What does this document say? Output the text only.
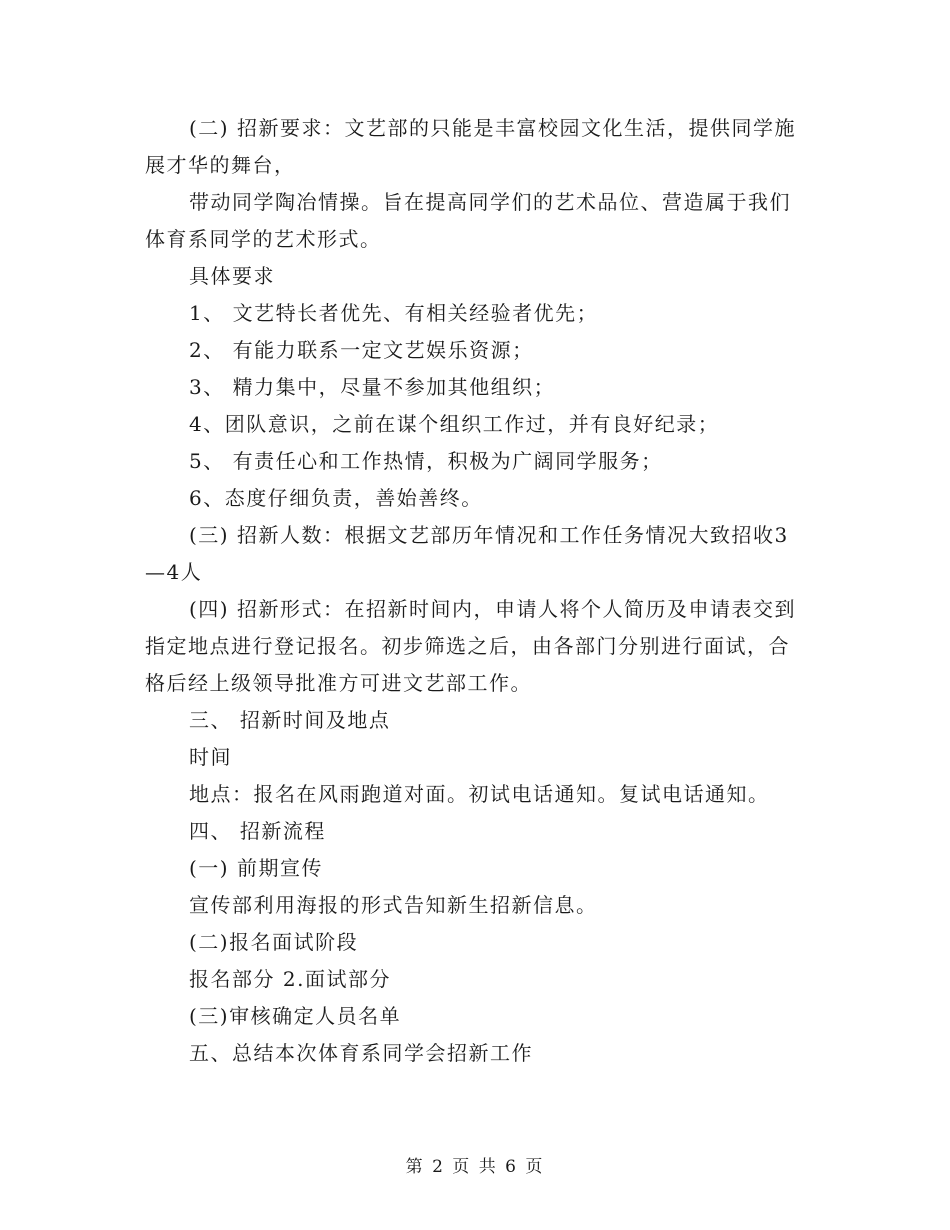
(二) 招新要求：文艺部的只能是丰富校园文化生活，提供同学施
展才华的舞台，
带动同学陶冶情操。旨在提高同学们的艺术品位、营造属于我们
体育系同学的艺术形式。
具体要求
1、 文艺特长者优先、有相关经验者优先；
2、 有能力联系一定文艺娱乐资源；
3、 精力集中，尽量不参加其他组织；
4、团队意识，之前在谋个组织工作过，并有良好纪录；
5、 有责任心和工作热情，积极为广阔同学服务；
6、态度仔细负责，善始善终。
(三) 招新人数：根据文艺部历年情况和工作任务情况大致招收3
—4人
(四) 招新形式：在招新时间内，申请人将个人简历及申请表交到
指定地点进行登记报名。初步筛选之后，由各部门分别进行面试，合
格后经上级领导批准方可进文艺部工作。
三、 招新时间及地点
时间
地点：报名在风雨跑道对面。初试电话通知。复试电话通知。
四、 招新流程
(一) 前期宣传
宣传部利用海报的形式告知新生招新信息。
(二)报名面试阶段
报名部分 2.面试部分
(三)审核确定人员名单
五、总结本次体育系同学会招新工作
第 2 页 共 6 页
